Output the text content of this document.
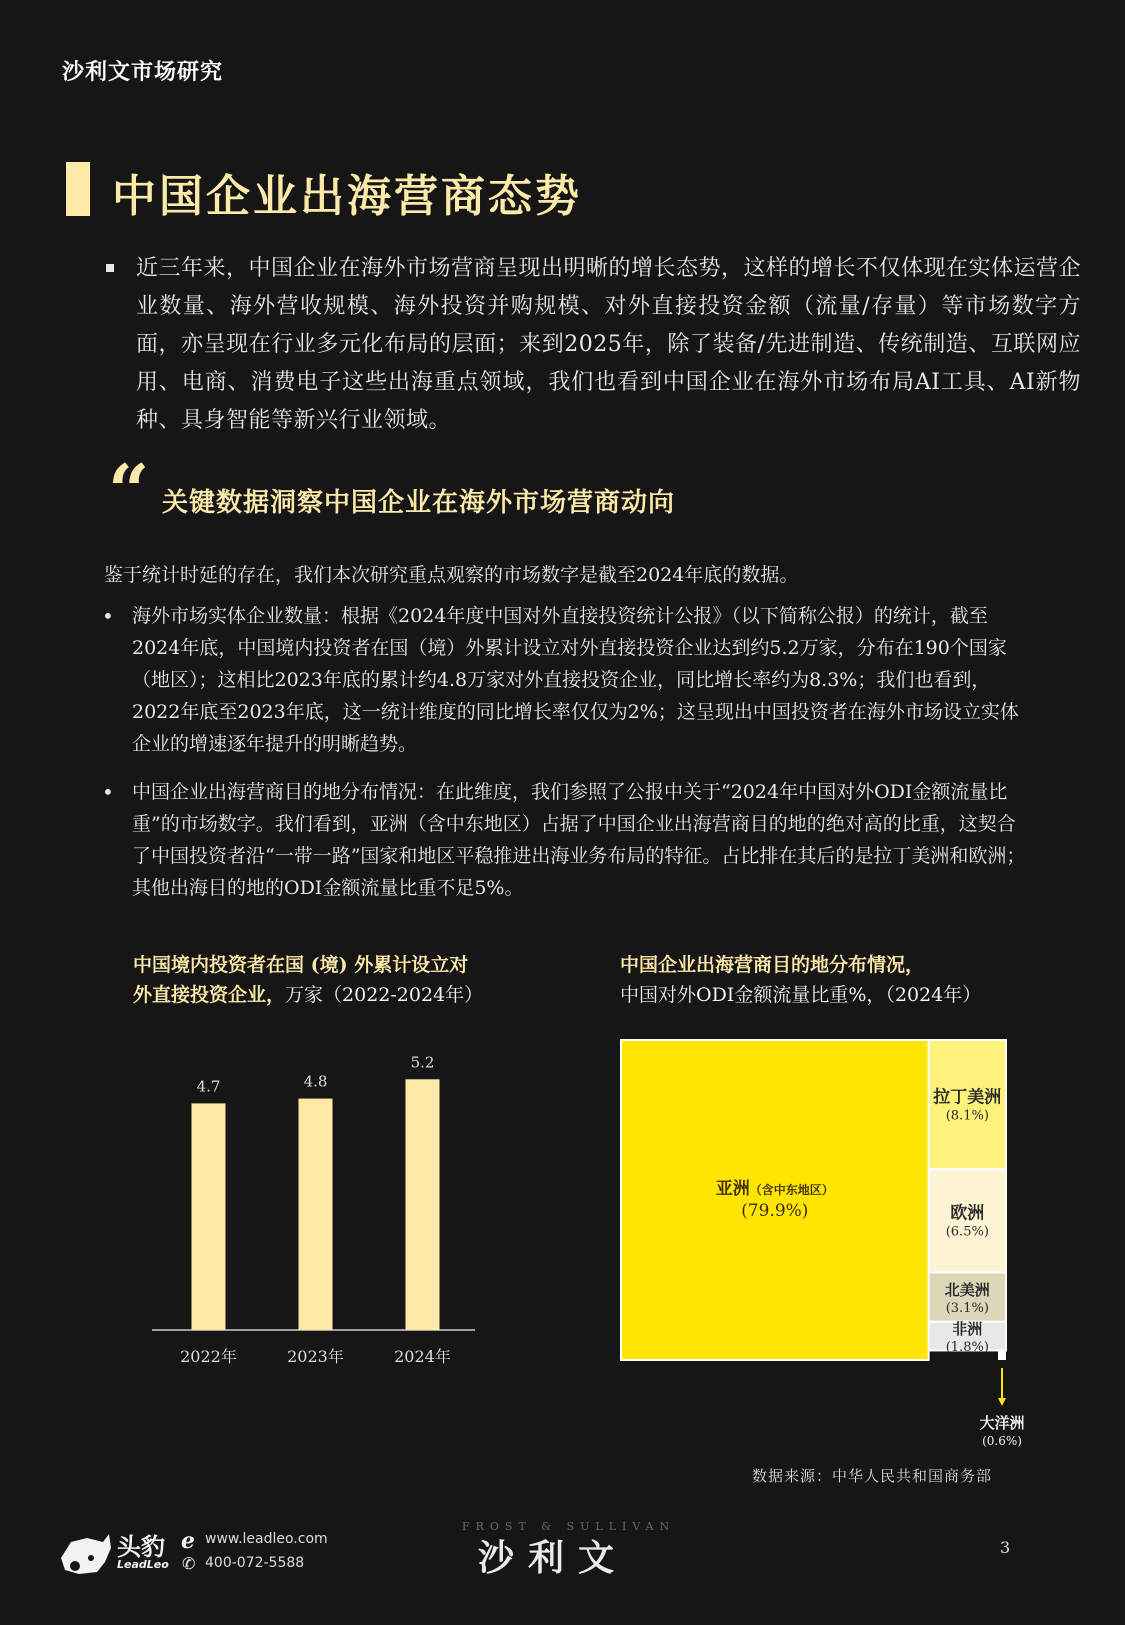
沙利文市场研究
中国企业出海营商态势
近三年来，中国企业在海外市场营商呈现出明晰的增长态势，这样的增长不仅体现在实体运营企业数量、海外营收规模、海外投资并购规模、对外直接投资金额（流量/存量）等市场数字方面，亦呈现在行业多元化布局的层面；来到2025年，除了装备/先进制造、传统制造、互联网应用、电商、消费电子这些出海重点领域，我们也看到中国企业在海外市场布局AI工具、AI新物种、具身智能等新兴行业领域。
“ 关键数据洞察中国企业在海外市场营商动向
鉴于统计时延的存在，我们本次研究重点观察的市场数字是截至2024年底的数据。
• 海外市场实体企业数量：根据《2024年度中国对外直接投资统计公报》（以下简称公报）的统计，截至2024年底，中国境内投资者在国（境）外累计设立对外直接投资企业达到约5.2万家，分布在190个国家（地区）；这相比2023年底的累计约4.8万家对外直接投资企业，同比增长率约为8.3%；我们也看到，2022年底至2023年底，这一统计维度的同比增长率仅仅为2%；这呈现出中国投资者在海外市场设立实体企业的增速逐年提升的明晰趋势。
• 中国企业出海营商目的地分布情况：在此维度，我们参照了公报中关于“2024年中国对外ODI金额流量比重”的市场数字。我们看到，亚洲（含中东地区）占据了中国企业出海营商目的地的绝对高的比重，这契合了中国投资者沿“一带一路”国家和地区平稳推进出海业务布局的特征。占比排在其后的是拉丁美洲和欧洲；其他出海目的地的ODI金额流量比重不足5%。
中国境内投资者在国 (境) 外累计设立对
外直接投资企业，万家（2022-2024年）
中国企业出海营商目的地分布情况，
中国对外ODI金额流量比重%，（2024年）
4.7
2022年
4.8
2023年
5.2
2024年
亚洲（含中东地区）
(79.9%)
拉丁美洲
(8.1%)
欧洲
(6.5%)
北美洲
(3.1%)
非洲
(1.8%)
大洋洲
(0.6%)
数据来源：中华人民共和国商务部
头豹
LeadLeo
e
✆
www.leadleo.com
400-072-5588
FROST & SULLIVAN
沙利文	3
